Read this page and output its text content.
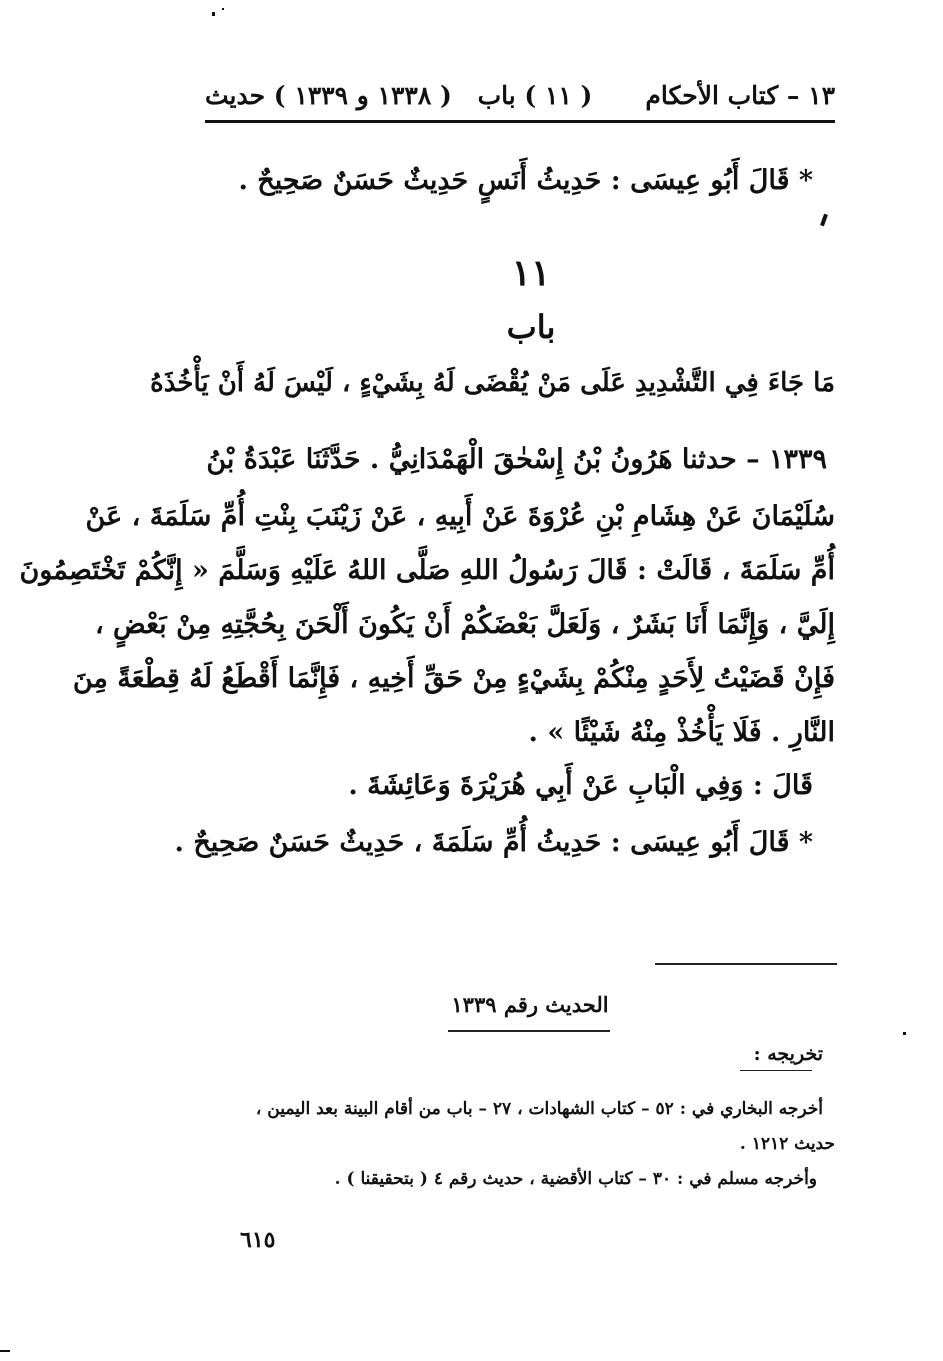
١٣ – كتاب الأحكام
( ١١ ) باب
( ١٣٣٨ و ١٣٣٩ ) حديث
* قَالَ أَبُو عِيسَى : حَدِيثُ أَنَسٍ حَدِيثٌ حَسَنٌ صَحِيحٌ .
١١
باب
مَا جَاءَ فِي التَّشْدِيدِ عَلَى مَنْ يُقْضَى لَهُ بِشَيْءٍ ، لَيْسَ لَهُ أَنْ يَأْخُذَهُ
١٣٣٩ – حدثنا هَرُونُ بْنُ إِسْحٰقَ الْهَمْدَانِيُّ . حَدَّثَنَا عَبْدَةُ بْنُ
سُلَيْمَانَ عَنْ هِشَامِ بْنِ عُرْوَةَ عَنْ أَبِيهِ ، عَنْ زَيْنَبَ بِنْتِ أُمِّ سَلَمَةَ ، عَنْ
أُمِّ سَلَمَةَ ، قَالَتْ : قَالَ رَسُولُ اللهِ صَلَّى اللهُ عَلَيْهِ وَسَلَّمَ « إِنَّكُمْ تَخْتَصِمُونَ
إِلَيَّ ، وَإِنَّمَا أَنَا بَشَرٌ ، وَلَعَلَّ بَعْضَكُمْ أَنْ يَكُونَ أَلْحَنَ بِحُجَّتِهِ مِنْ بَعْضٍ ،
فَإِنْ قَضَيْتُ لِأَحَدٍ مِنْكُمْ بِشَيْءٍ مِنْ حَقِّ أَخِيهِ ، فَإِنَّمَا أَقْطَعُ لَهُ قِطْعَةً مِنَ
النَّارِ . فَلَا يَأْخُذْ مِنْهُ شَيْئًا » .
قَالَ : وَفِي الْبَابِ عَنْ أَبِي هُرَيْرَةَ وَعَائِشَةَ .
* قَالَ أَبُو عِيسَى : حَدِيثُ أُمِّ سَلَمَةَ ، حَدِيثٌ حَسَنٌ صَحِيحٌ .
الحديث رقم ١٣٣٩
تخريجه :
أخرجه البخاري في : ٥٢ – كتاب الشهادات ، ٢٧ – باب من أقام البينة بعد اليمين ،
حديث ١٢١٢ .
وأخرجه مسلم في : ٣٠ – كتاب الأقضية ، حديث رقم ٤ ( بتحقيقنا ) .
٦١٥
